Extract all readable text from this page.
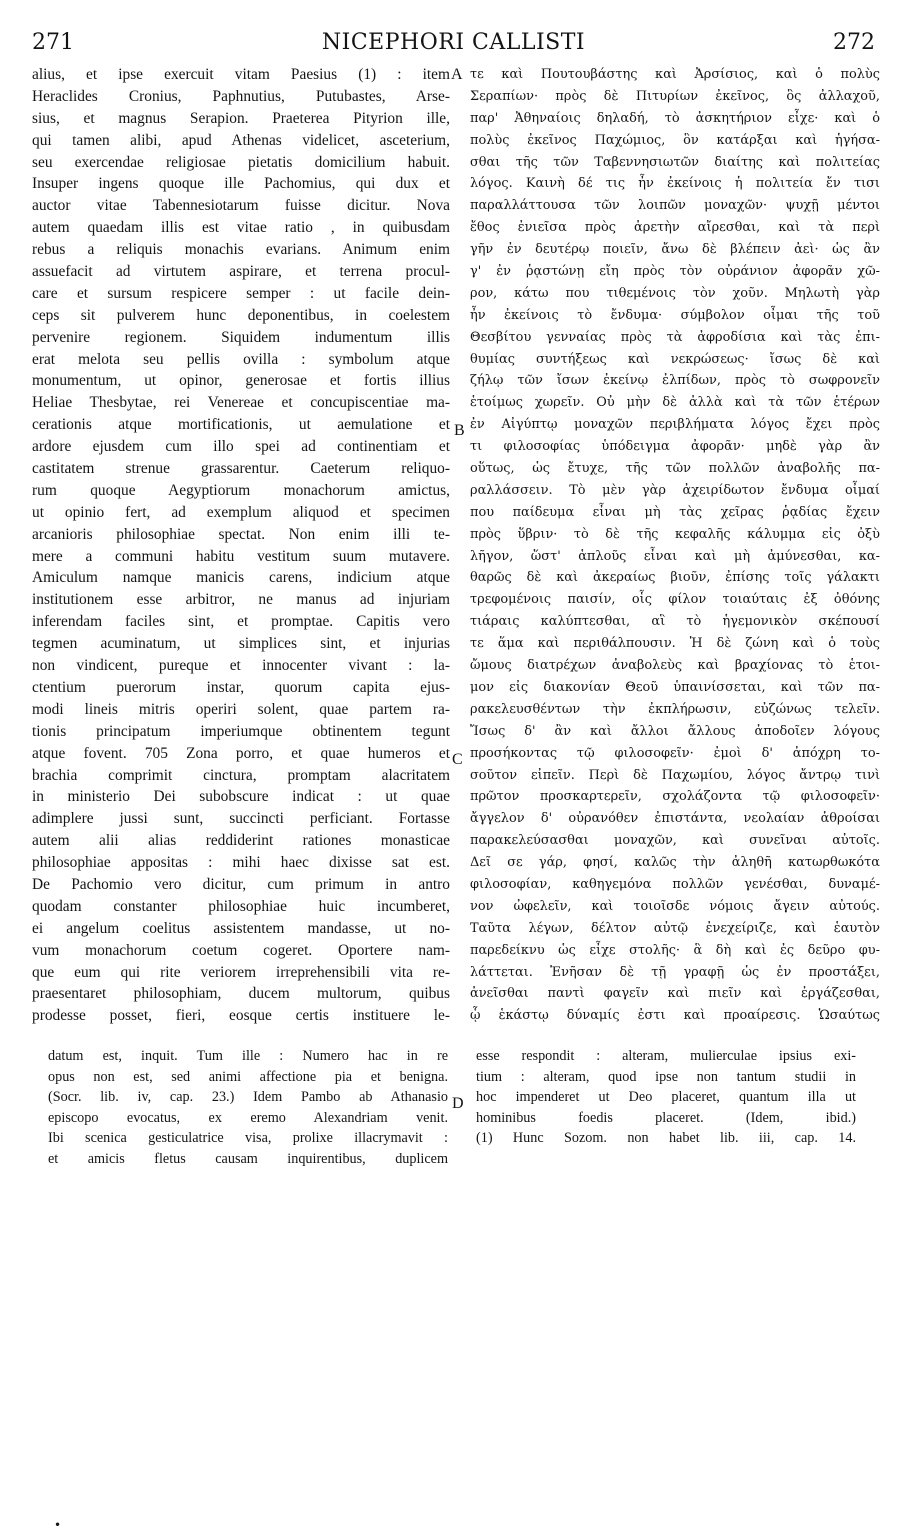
271	NICEPHORI CALLISTI	272
alius, et ipse exercuit vitam Paesius (1) : item
Heraclides Cronius, Paphnutius, Putubastes, Arse-
sius, et magnus Serapion. Praeterea Pityrion ille,
qui tamen alibi, apud Athenas videlicet, asceterium,
seu exercendae religiosae pietatis domicilium habuit.
Insuper ingens quoque ille Pachomius, qui dux et
auctor vitae Tabennesiotarum fuisse dicitur. Nova
autem quaedam illis est vitae ratio , in quibusdam
rebus a reliquis monachis evarians. Animum enim
assuefacit ad virtutem aspirare, et terrena procul-
care et sursum respicere semper : ut facile dein-
ceps sit pulverem hunc deponentibus, in coelestem
pervenire regionem. Siquidem indumentum illis
erat melota seu pellis ovilla : symbolum atque
monumentum, ut opinor, generosae et fortis illius
Heliae Thesbytae, rei Venereae et concupiscentiae ma-
cerationis atque mortificationis, ut aemulatione et
ardore ejusdem cum illo spei ad continentiam et
castitatem strenue grassarentur. Caeterum reliquo-
rum quoque Aegyptiorum monachorum amictus,
ut opinio fert, ad exemplum aliquod et specimen
arcanioris philosophiae spectat. Non enim illi te-
mere a communi habitu vestitum suum mutavere.
Amiculum namque manicis carens, indicium atque
institutionem esse arbitror, ne manus ad injuriam
inferendam faciles sint, et promptae. Capitis vero
tegmen acuminatum, ut simplices sint, et injurias
non vindicent, pureque et innocenter vivant : la-
ctentium puerorum instar, quorum capita ejus-
modi lineis mitris operiri solent, quae partem ra-
tionis principatum imperiumque obtinentem tegunt
atque fovent. 705 Zona porro, et quae humeros et
brachia comprimit cinctura, promptam alacritatem
in ministerio Dei subobscure indicat : ut quae
adimplere jussi sunt, succincti perficiant. Fortasse
autem alii alias reddiderint rationes monasticae
philosophiae appositas : mihi haec dixisse sat est.
De Pachomio vero dicitur, cum primum in antro
quodam constanter philosophiae huic incumberet,
ei angelum coelitus assistentem mandasse, ut no-
vum monachorum coetum cogeret. Oportere nam-
que eum qui rite veriorem irreprehensibili vita re-
praesentaret philosophiam, ducem multorum, quibus
prodesse posset, fieri, eosque certis instituere le-
τε καὶ Πουτουβάστης καὶ Ἀρσίσιος, καὶ ὁ πολὺς
Σεραπίων· πρὸς δὲ Πιτυρίων ἐκεῖνος, ὃς ἀλλαχοῦ,
παρ' Ἀθηναίοις δηλαδή, τὸ ἀσκητήριον εἶχε· καὶ ὁ
πολὺς ἐκεῖνος Παχώμιος, ὃν κατάρξαι καὶ ἡγήσα-
σθαι τῆς τῶν Ταβεννησιωτῶν διαίτης καὶ πολιτείας
λόγος. Καινὴ δέ τις ἦν ἐκείνοις ἡ πολιτεία ἔν τισι
παραλλάττουσα τῶν λοιπῶν μοναχῶν· ψυχῇ μέντοι
ἔθος ἐνιεῖσα πρὸς ἀρετὴν αἴρεσθαι, καὶ τὰ περὶ
γῆν ἐν δευτέρῳ ποιεῖν, ἄνω δὲ βλέπειν ἀεὶ· ὡς ἂν
γ' ἐν ῥᾳστώνῃ εἴη πρὸς τὸν οὐράνιον ἀφορᾶν χῶ-
ρον, κάτω που τιθεμένοις τὸν χοῦν. Μηλωτὴ γὰρ
ἦν ἐκείνοις τὸ ἔνδυμα· σύμβολον οἶμαι τῆς τοῦ
Θεσβίτου γενναίας πρὸς τὰ ἀφροδίσια καὶ τὰς ἐπι-
θυμίας συντήξεως καὶ νεκρώσεως· ἴσως δὲ καὶ
ζήλῳ τῶν ἴσων ἐκείνῳ ἐλπίδων, πρὸς τὸ σωφρονεῖν
ἑτοίμως χωρεῖν. Οὐ μὴν δὲ ἀλλὰ καὶ τὰ τῶν ἑτέρων
ἐν Αἰγύπτῳ μοναχῶν περιβλήματα λόγος ἔχει πρὸς
τι φιλοσοφίας ὑπόδειγμα ἀφορᾶν· μηδὲ γὰρ ἂν
οὕτως, ὡς ἔτυχε, τῆς τῶν πολλῶν ἀναβολῆς πα-
ραλλάσσειν. Τὸ μὲν γὰρ ἀχειρίδωτον ἔνδυμα οἶμαί
που παίδευμα εἶναι μὴ τὰς χεῖρας ῥᾳδίας ἔχειν
πρὸς ὕβριν· τὸ δὲ τῆς κεφαλῆς κάλυμμα εἰς ὀξὺ
λῆγον, ὥστ' ἁπλοῦς εἶναι καὶ μὴ ἀμύνεσθαι, κα-
θαρῶς δὲ καὶ ἀκεραίως βιοῦν, ἐπίσης τοῖς γάλακτι
τρεφομένοις παισίν, οἷς φίλον τοιαύταις ἐξ ὀθόνης
τιάραις καλύπτεσθαι, αἳ τὸ ἡγεμονικὸν σκέπουσί
τε ἅμα καὶ περιθάλπουσιν. Ἡ δὲ ζώνη καὶ ὁ τοὺς
ὤμους διατρέχων ἀναβολεὺς καὶ βραχίονας τὸ ἑτοι-
μον εἰς διακονίαν Θεοῦ ὑπαινίσσεται, καὶ τῶν πα-
ρακελευσθέντων τὴν ἐκπλήρωσιν, εὐζώνως τελεῖν.
Ἴσως δ' ἂν καὶ ἄλλοι ἄλλους ἀποδοῖεν λόγους
προσήκοντας τῷ φιλοσοφεῖν· ἐμοὶ δ' ἀπόχρη το-
σοῦτον εἰπεῖν. Περὶ δὲ Παχωμίου, λόγος ἄντρῳ τινὶ
πρῶτον προσκαρτερεῖν, σχολάζοντα τῷ φιλοσοφεῖν·
ἄγγελον δ' οὐρανόθεν ἐπιστάντα, νεολαίαν ἀθροίσαι
παρακελεύσασθαι μοναχῶν, καὶ συνεῖναι αὐτοῖς.
Δεῖ σε γάρ, φησί, καλῶς τὴν ἀληθῆ κατωρθωκότα
φιλοσοφίαν, καθηγεμόνα πολλῶν γενέσθαι, δυναμέ-
νον ὠφελεῖν, καὶ τοιοῖσδε νόμοις ἄγειν αὐτούς.
Ταῦτα λέγων, δέλτον αὐτῷ ἐνεχείριζε, καὶ ἑαυτὸν
παρεδείκνυ ὡς εἶχε στολῆς· ἃ δὴ καὶ ἐς δεῦρο φυ-
λάττεται. Ἐνῆσαν δὲ τῇ γραφῇ ὡς ἐν προστάξει,
ἀνεῖσθαι παντὶ φαγεῖν καὶ πιεῖν καὶ ἐργάζεσθαι,
ᾧ ἑκάστῳ δύναμίς ἐστι καὶ προαίρεσις. Ὡσαύτως
A
B
C
D
datum est, inquit. Tum ille : Numero hac in re
opus non est, sed animi affectione pia et benigna.
(Socr. lib. iv, cap. 23.) Idem Pambo ab Athanasio
episcopo evocatus, ex eremo Alexandriam venit.
Ibi scenica gesticulatrice visa, prolixe illacrymavit :
et amicis fletus causam inquirentibus, duplicem
esse respondit : alteram, mulierculae ipsius exi-
tium : alteram, quod ipse non tantum studii in
hoc impenderet ut Deo placeret, quantum illa ut
hominibus foedis placeret. (Idem, ibid.)
(1) Hunc Sozom. non habet lib. iii, cap. 14.
•
